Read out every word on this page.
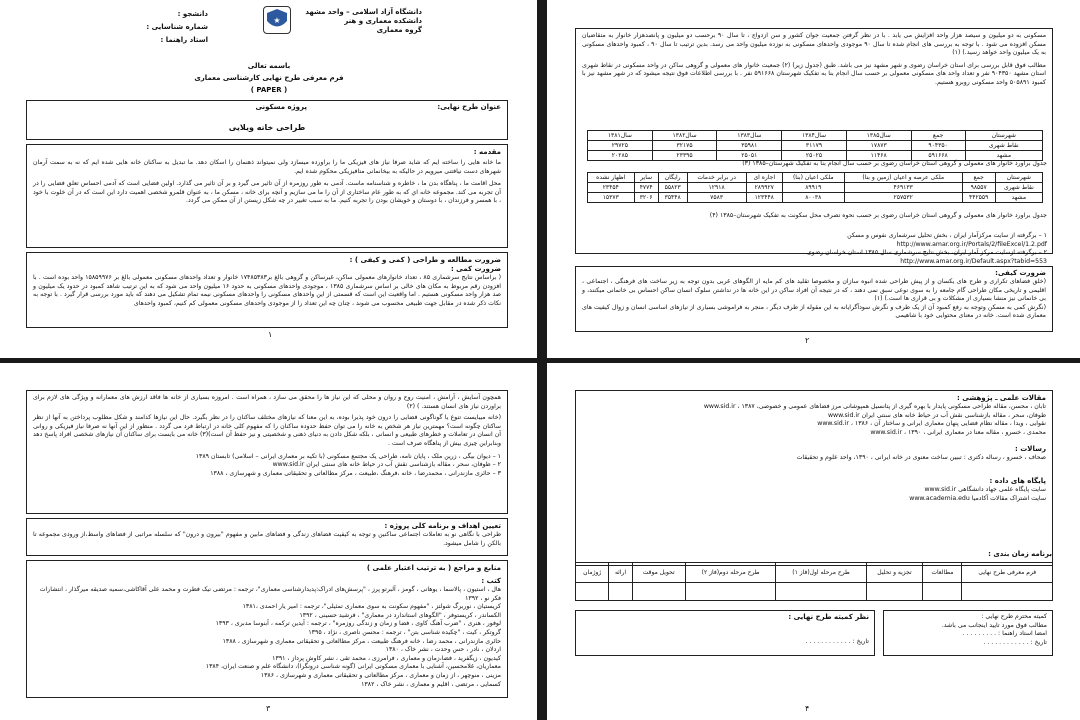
★
دانشگاه آزاد اسلامی – واحد مشهد
دانشکده معماری و هنر
گروه معماری
دانشجو :
شماره شناسایی :
استاد راهنما :
باسمه تعالی
فرم معرفی طرح نهایی کارشناسی معماری
( PAPER )
عنوان طرح نهایی:
پروژه مسکونی
طراحی خانه ویلایی
مقدمه :
ما خانه هایی را ساخته ایم که شاید صرفا نیاز های فیزیکی ما را براورده میسازد ولی نمیتواند ذهنمان را اسکان دهد. ما تبدیل به ساکنان خانه هایی شده ایم که نه به سمت آرمان شهرهای دست نیافتنی میرویم در حالیکه به بیخانمانی متافیزیکی محکوم شده ایم.
محل اقامت ما ، پناهگاه بدن ما ، خاطره و شناسنامه ماست. آدمی به طور روزمره از آن تاثیر می گیرد و بر آن تاثیر می گذارد. اولین فضایی است که آدمی احساس تعلق فضایی را در آن تجربه می کند. مجموعه خانه اي كه به طور عام ساختاری از آن را ما می سازیم و آنچه برای خانه ، مسکن ما ، به عنوان قلمرو شخصی اهمیت دارد این است که در آن خلوت با خود ، با همسر و فرزندان ، با دوستان و خویشان بودن را تجربه کنیم. ما به سبب تغییر در چه شکل زیستن از آن ممکن می گردد.
ضرورت مطالعه و طراحی ( کمی و کیفی ) :
ضرورت کمی :
( براساس نتایج سرشماری ۸۵ ، تعداد خانوارهای معمولی ساکن، غیرساکن و گروهی بالغ بر۱۷۴۸۵۳۸۳ خانوار و تعداد واحدهای مسکونی معمولی بالغ بر ۱۵۸۵۹۹۷۶ واحد بوده است . با افزودن رقم مربوط به مکان های خالی بر اساس سرشماری ۱۳۸۵ ، موجودی واحدهای مسکونی به حدود ۱۶ میلیون واحد می شود که به این ترتیب شاهد کمبود در حدود یک میلیون و صد هزار واحد مسکونی هستیم . اما واقعیت این است که قسمتی از این واحدهای مسکونی را واحدهای مسکونی نیمه تمام تشکیل می دهند که باید مورد بررسی قرار گیرد . با توجه به نکات ذکر شده در مقابل جهت طبیعی محسوب می شوند ، چنان چه این تعداد را از موجودی واحدهای مسکونی معمولی کم کنیم، کمبود واحدهای
۱
مسکونی به دو میلیون و سیصد هزار واحد افزایش می یابد . با در نظر گرفتن جمعیت جوان کشور و سن ازدواج ، تا سال ۹۰ برحسب دو میلیون و پانصدهزار خانوار به متقاضیان مسکن افزوده می شود . با توجه به بررسی های انجام شده تا سال ۹۰ موجودی واحدهای مسکونی به نوزده میلیون واحد می رسد. بدین ترتیب تا سال ۹۰ ، کمبود واحدهای مسکونی به یک میلیون واحد خواهد رسید.) (۱)
مطالب فوق قابل بررسی برای استان خراسان رضوی و شهر مشهد نیز می باشد. طبق (جدول زیر) (۲) جمعیت خانوار های معمولی و گروهی ساکن در واحد مسکونی در نقاط شهری استان مشهد ۹۰۴۳۵۰ نفر و تعداد واحد های مسکونی معمولی بر حسب سال انجام بنا به تفکیک شهرستان ۵۹۱۶۶۸ نفر . با بررسی اطلاعات فوق نتیجه میشود که در شهر مشهد نیز با کمبود ۵۰۵۸۹۱ واحد مسکونی روبرو هستیم.
شهرستان	جمع	سال۱۳۸۵	سال۱۳۸۴	سال۱۳۸۳	سال۱۳۸۲	سال۱۳۸۱
نقاط شهری	۹۰۴۳۵۰	۱۷۸۷۳	۳۱۱۷۹	۳۵۹۸۱	۳۲۱۷۵	۲۹۷۲۵
مشهد	۵۹۱۶۶۸	۱۱۴۶۸	۲۵۰۲۵	۲۵۰۵۱	۲۳۳۹۵	۲۰۲۸۵
جدول براورد خانوار های معمولی و گروهی استان خراسان رضوی بر حسب سال انجام بنا به تفکیک شهرستان–۱۳۸۵ (۳)
شهرستان	جمع	ملکی عرصه و اعیان (زمین و بنا)	ملکی اعیان (بنا)	اجاره ای	در برابر خدمات	رایگان	سایر	اظهار نشده
نقاط شهری	۹۸۵۵۷	۴۶۹۱۳۳	۸۹۹۱۹	۲۸۹۹۲۷	۱۲۹۱۸	۵۵۸۲۳	۴۷۷۴	۲۳۴۵۴
مشهد	۴۴۲۵۵۹	۲۵۷۵۳۲	۸۰۰۳۸	۱۲۳۴۴۸	۷۵۸۳	۳۵۴۴۸	۳۲۰۶	۱۵۳۷۳
جدول براورد خانوار های معمولی و گروهی استان خراسان رضوی بر حسب نحوه تصرف محل سکونت به تفکیک شهرستان–۱۳۸۵ (۴)
۱ – برگرفته از سایت مرکزآمار ایران ، بخش تحلیل سرشماری نفوس و مسکن
http://www.amar.org.ir/Portals/2/fileExcel/1.2.pdf
۲ – برگرفته ازسایت مرکز آمار ایران، بخش نتایج سرشماری سال ۱۳۸۵ استان خراسان رضوی
http://www.amar.org.ir/Default.aspx?tabid=553
ضرورت کیفی:
(خلق فضاهای تکراری و طرح های یکسان و از پیش طراحی شده انبوه سازان و مخصوصا تقلید های کم مایه از الگوهای غربی بدون توجه به زیر ساخت های فرهنگی ، اجتماعی ، اقلیمی و تاریخی مکان طراحی گام جامعه را به سوی نوعی سبق نمی دهند ، که در نتیجه آن افراد ساکن در این خانه ها در نداشتن سلوک انسان ساکن احساس بی خانمانی میکنند، و بی خانمانی نیز منشا بسیاری از مشکلات و بی قراری ها است.) (۱)
(نگرش کمی به مسکن وتوجه به رفع کمبود آن از یک طرف و نگرش سودآگرایانه به این مقوله از طرف دیگر ، منجر به فراموشی بسیاری از نیازهای اساسی انسان و زوال کیفیت های معماری شده است. خانه در معنای محتوایی خود با شاهیمی
۲
همچون آسایش ، آرامش ، امنیت روح و روان و محلی که این نیاز ها را محقق می سازد ، همراه است . امروزه بسیاری از خانه ها فاقد ارزش های معمارانه و ویژگی های لازم برای براوردن نیاز های انسان هستند. ) (۲)
(خانه میبایست تنوع یا گوناگونی فضایی را درون خود پذیرا بوده، به این معنا که نیازهای مختلف ساکنان را در نظر بگیرد. حال این نیازها کدامند و شکل مطلوب پرداختن به آنها از نظر ساکنان چگونه است؟ مهمترین نیاز هر شخص به خانه را می توان حفظ حدوده ساکنان را که مفهوم کلی خانه در ارتباط فرد می گردد . منظور از این آنها نه صرفا نیاز فیزیکی و روانی آن انسان در تعاملات و خطرهای طبیعی و انسانی ، بلکه شکل دادن به دنیای ذهنی و شخصیتی و نیز حفظ آن است)(۳) خانه می بایست برای ساکنان آن نیازهای شخصی افراد پاسخ دهد وبنابراین چیزی بیش از پناهگاه صرف است .
۱ – دیوان بیگی ، زرین ملک ، پایان نامه، طراحی یک مجتمع مسکونی (با تکیه بر معماری ایرانی – اسلامی) تابستان ۱۳۸۹
۲ – طوفان، سحر ، مقاله بازشناسی نقش آب در حیاط خانه های سنتی ایران www.sid.ir
۳ – حائری مازندرانی ، محمدرضا ، خانه ،فرهنگ ،طبیعت ، مرکز مطالعاتی و تحقیقاتی معماری و شهرسازی ، ۱۳۸۸
تعیین اهداف و برنامه کلی پروژه :
طراحی با نگاهی نو به تعاملات اجتماعی ساکنین و توجه به کیفیت فضاهای زندگی و فضاهای مابین و مفهوم "بیرون و درون" که سلسله مراتبی از فضاهای واسط،از ورودی مجموعه تا بالکن را شامل میشود.
منابع و مراجع ( به ترتیب اعتبار علمی )
کتب :
هال ، استیون ، پالاسما ، یوهانی ، گومز ، آلبرتو پرز ، "پرسش‌های ادراک:پدیدارشناسی معماری"، ترجمه : مرتضی نیک فطرت و محمد علی آقاکاشی،سمیه صدیقه میرگذار ، انتشارات فکر نو ، ۱۳۹۲
کریستیان ، نوربرگ شولتز ، "مفهوم سکونت به سوی معماری تمثیلی"، ترجمه : امیر یار احمدی ،۱۳۸۱
الکساندر ، کریستوفر ، "الگوهای استاندارد در معماری" ، فرشید حسینی ، ۱۳۹۲
لوفور ، هنری ، "ضرب آهنگ کاوی ، فضا و زمان و زندگی روزمره" ، ترجمه : آیدین ترکمه ، آبنوسا مدبری ، ۱۳۹۳
گروتکر ، کیت ، "چکیده شناسی بتن" ، ترجمه : محسن ناصری ، نژاد ، ۱۳۹۵
حائری مازندرانی ، محمد رضا ، خانه فرهنگ طبیعت ، مرکز مطالعاتی و تحقیقاتی معماری و شهرسازی ، ۱۳۸۸
اردلان ، نادر ، حس وحدت ، نشر خاک ، ۱۳۸۰
کیدیون ، زیگفرید ، فضا،زمان و معماری ، فرامرزی ، محمد تقی ، نشر کاوش پرداز ، ۱۳۹۱
معماریان، غلامحسین، آشنایی با معماری مسکونی ایرانی (گونه شناسی درونگرا)، دانشگاه علم و صنعت ایران، ۱۳۸۴
مزینی ، منوچهر ، از زمان و معماری ، مرکز مطالعاتی و تحقیقاتی معماری و شهرسازی ، ۱۳۸۶
کسمایی ، مرتضی ، اقلیم و معماری ، نشر خاک ، ۱۳۸۲
۳
مقالات علمی ـ پژوهشی :
تابان ، محسن، مقاله طراحی مسکونی پایدار با بهره گیری از پتانسیل همپوشانی مرز فضاهای عمومی و خصوصی، www.sid.ir ، ۱۳۸۷
طوفان، سحر ، مقاله بازشناسی نقش آب در حیاط خانه های سنتی ایران www.sid.ir
نقوایی ، ویدا ، مقاله نظام فضایی پنهان معماری ایرانی و ساختار آن ، ۱۳۸۶ ، www.sid.ir
محمدی ، خسرو ، مقاله معنا در معماری ایرانی ، ۱۳۹۰ ، www.sid.ir
رسالات :
صحاف ، خسرو ، رساله دکتری : تبیین ساخت معنوی در خانه ایرانی ، ۱۳۹۰، واحد علوم و تحقیقات
پایگاه های داده :
سایت پایگاه علمی جهاد دانشگاهی www.sid.ir
سایت اشتراک مقالات آکادمیا www.academia.edu
برنامه زمان بندی :
فرم معرفی طرح نهایی	مطالعات	تجزیه و تحلیل	طرح مرحله اول(فاز ۱)	طرح مرحله دوم(فاز ۲)	تحویل موقت	ارائه	ژوژمان

کمیته محترم طرح نهایی :
مطالب فوق مورد تایید اینجانب می باشد.
امضا استاد راهنما : . . . . . . . . .
تاریخ : . . . . . . . . . . . .
نظر کمیته طرح نهایی :
تاریخ : . . . . . . . . . . . .
۴
